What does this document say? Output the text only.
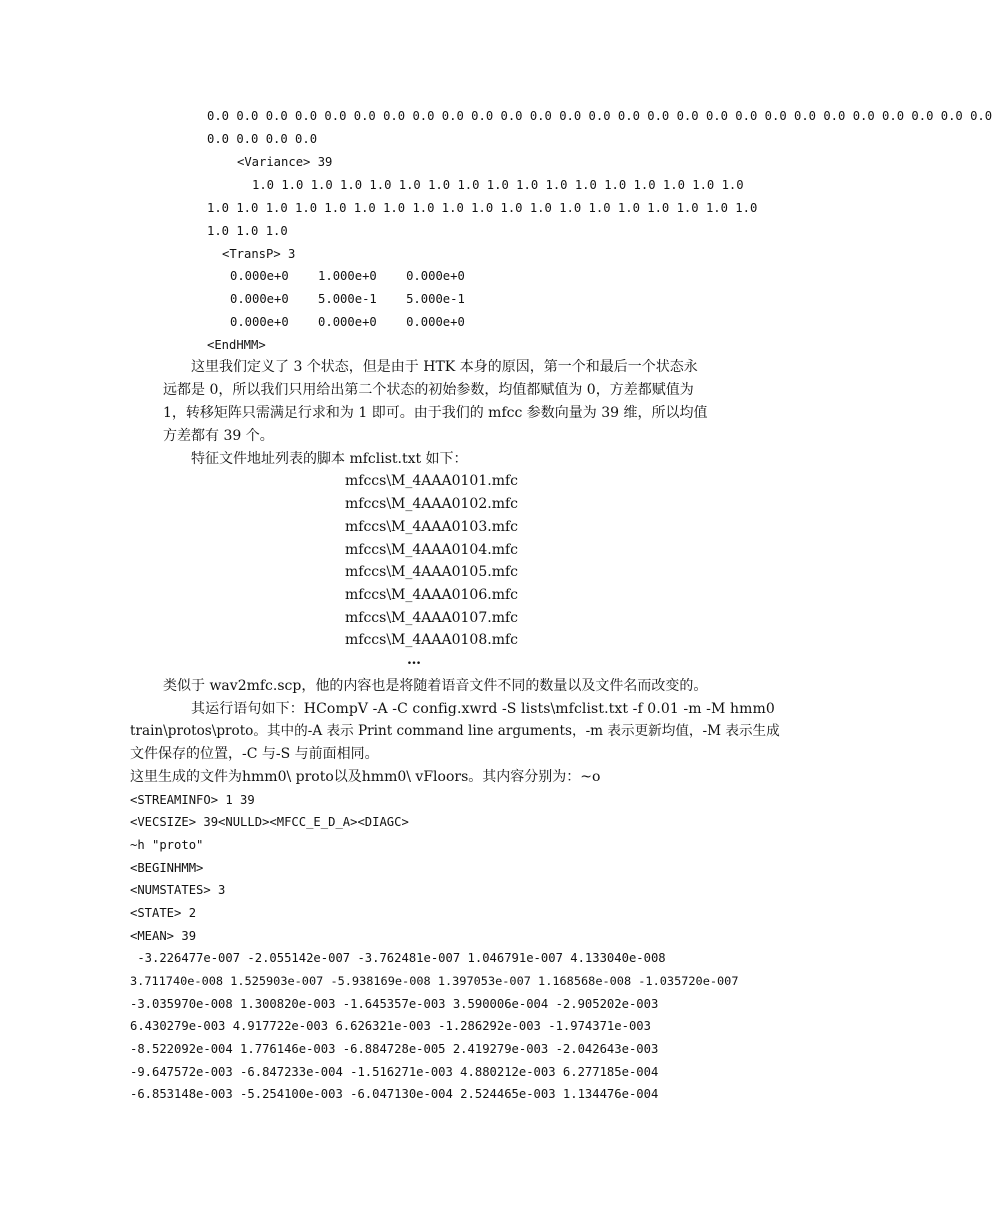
0.0 0.0 0.0 0.0 0.0 0.0 0.0 0.0 0.0 0.0 0.0 0.0 0.0 0.0 0.0 0.0 0.0 0.0 0.0 0.0 0.0 0.0 0.0 0.0 0.0 0.0 0.0
0.0 0.0 0.0 0.0
<Variance> 39
1.0 1.0 1.0 1.0 1.0 1.0 1.0 1.0 1.0 1.0 1.0 1.0 1.0 1.0 1.0 1.0 1.0
1.0 1.0 1.0 1.0 1.0 1.0 1.0 1.0 1.0 1.0 1.0 1.0 1.0 1.0 1.0 1.0 1.0 1.0 1.0
1.0 1.0 1.0
<TransP> 3
0.000e+0    1.000e+0    0.000e+0
0.000e+0    5.000e-1    5.000e-1
0.000e+0    0.000e+0    0.000e+0
<EndHMM>
这里我们定义了 3 个状态，但是由于 HTK 本身的原因，第一个和最后一个状态永
远都是 0，所以我们只用给出第二个状态的初始参数，均值都赋值为 0，方差都赋值为
1，转移矩阵只需满足行求和为 1 即可。由于我们的 mfcc 参数向量为 39 维，所以均值
方差都有 39 个。
特征文件地址列表的脚本 mfclist.txt 如下：
mfccs\M_4AAA0101.mfc
mfccs\M_4AAA0102.mfc
mfccs\M_4AAA0103.mfc
mfccs\M_4AAA0104.mfc
mfccs\M_4AAA0105.mfc
mfccs\M_4AAA0106.mfc
mfccs\M_4AAA0107.mfc
mfccs\M_4AAA0108.mfc
…
类似于 wav2mfc.scp，他的内容也是将随着语音文件不同的数量以及文件名而改变的。
其运行语句如下：HCompV -A -C config.xwrd -S lists\mfclist.txt -f 0.01 -m -M hmm0
train\protos\proto。其中的-A 表示 Print command line arguments，-m 表示更新均值，-M 表示生成
文件保存的位置，-C 与-S 与前面相同。
这里生成的文件为hmm0\ proto以及hmm0\ vFloors。其内容分别为：~o
<STREAMINFO> 1 39
<VECSIZE> 39<NULLD><MFCC_E_D_A><DIAGC>
~h "proto"
<BEGINHMM>
<NUMSTATES> 3
<STATE> 2
<MEAN> 39
-3.226477e-007 -2.055142e-007 -3.762481e-007 1.046791e-007 4.133040e-008
3.711740e-008 1.525903e-007 -5.938169e-008 1.397053e-007 1.168568e-008 -1.035720e-007
-3.035970e-008 1.300820e-003 -1.645357e-003 3.590006e-004 -2.905202e-003
6.430279e-003 4.917722e-003 6.626321e-003 -1.286292e-003 -1.974371e-003
-8.522092e-004 1.776146e-003 -6.884728e-005 2.419279e-003 -2.042643e-003
-9.647572e-003 -6.847233e-004 -1.516271e-003 4.880212e-003 6.277185e-004
-6.853148e-003 -5.254100e-003 -6.047130e-004 2.524465e-003 1.134476e-004
